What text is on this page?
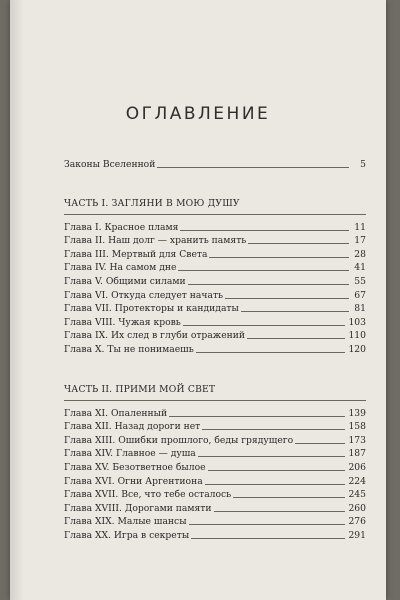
ОГЛАВЛЕНИЕ
Законы Вселенной	5
ЧАСТЬ I. ЗАГЛЯНИ В МОЮ ДУШУ
Глава I. Красное пламя	11
Глава II. Наш долг — хранить память	17
Глава III. Мертвый для Света	28
Глава IV. На самом дне	41
Глава V. Общими силами	55
Глава VI. Откуда следует начать	67
Глава VII. Протекторы и кандидаты	81
Глава VIII. Чужая кровь	103
Глава IX. Их след в глуби отражений	110
Глава X. Ты не понимаешь	120
ЧАСТЬ II. ПРИМИ МОЙ СВЕТ
Глава XI. Опаленный	139
Глава XII. Назад дороги нет	158
Глава XIII. Ошибки прошлого, беды грядущего	173
Глава XIV. Главное — душа	187
Глава XV. Безответное былое	206
Глава XVI. Огни Аргентиона	224
Глава XVII. Все, что тебе осталось	245
Глава XVIII. Дорогами памяти	260
Глава XIX. Малые шансы	276
Глава XX. Игра в секреты	291
